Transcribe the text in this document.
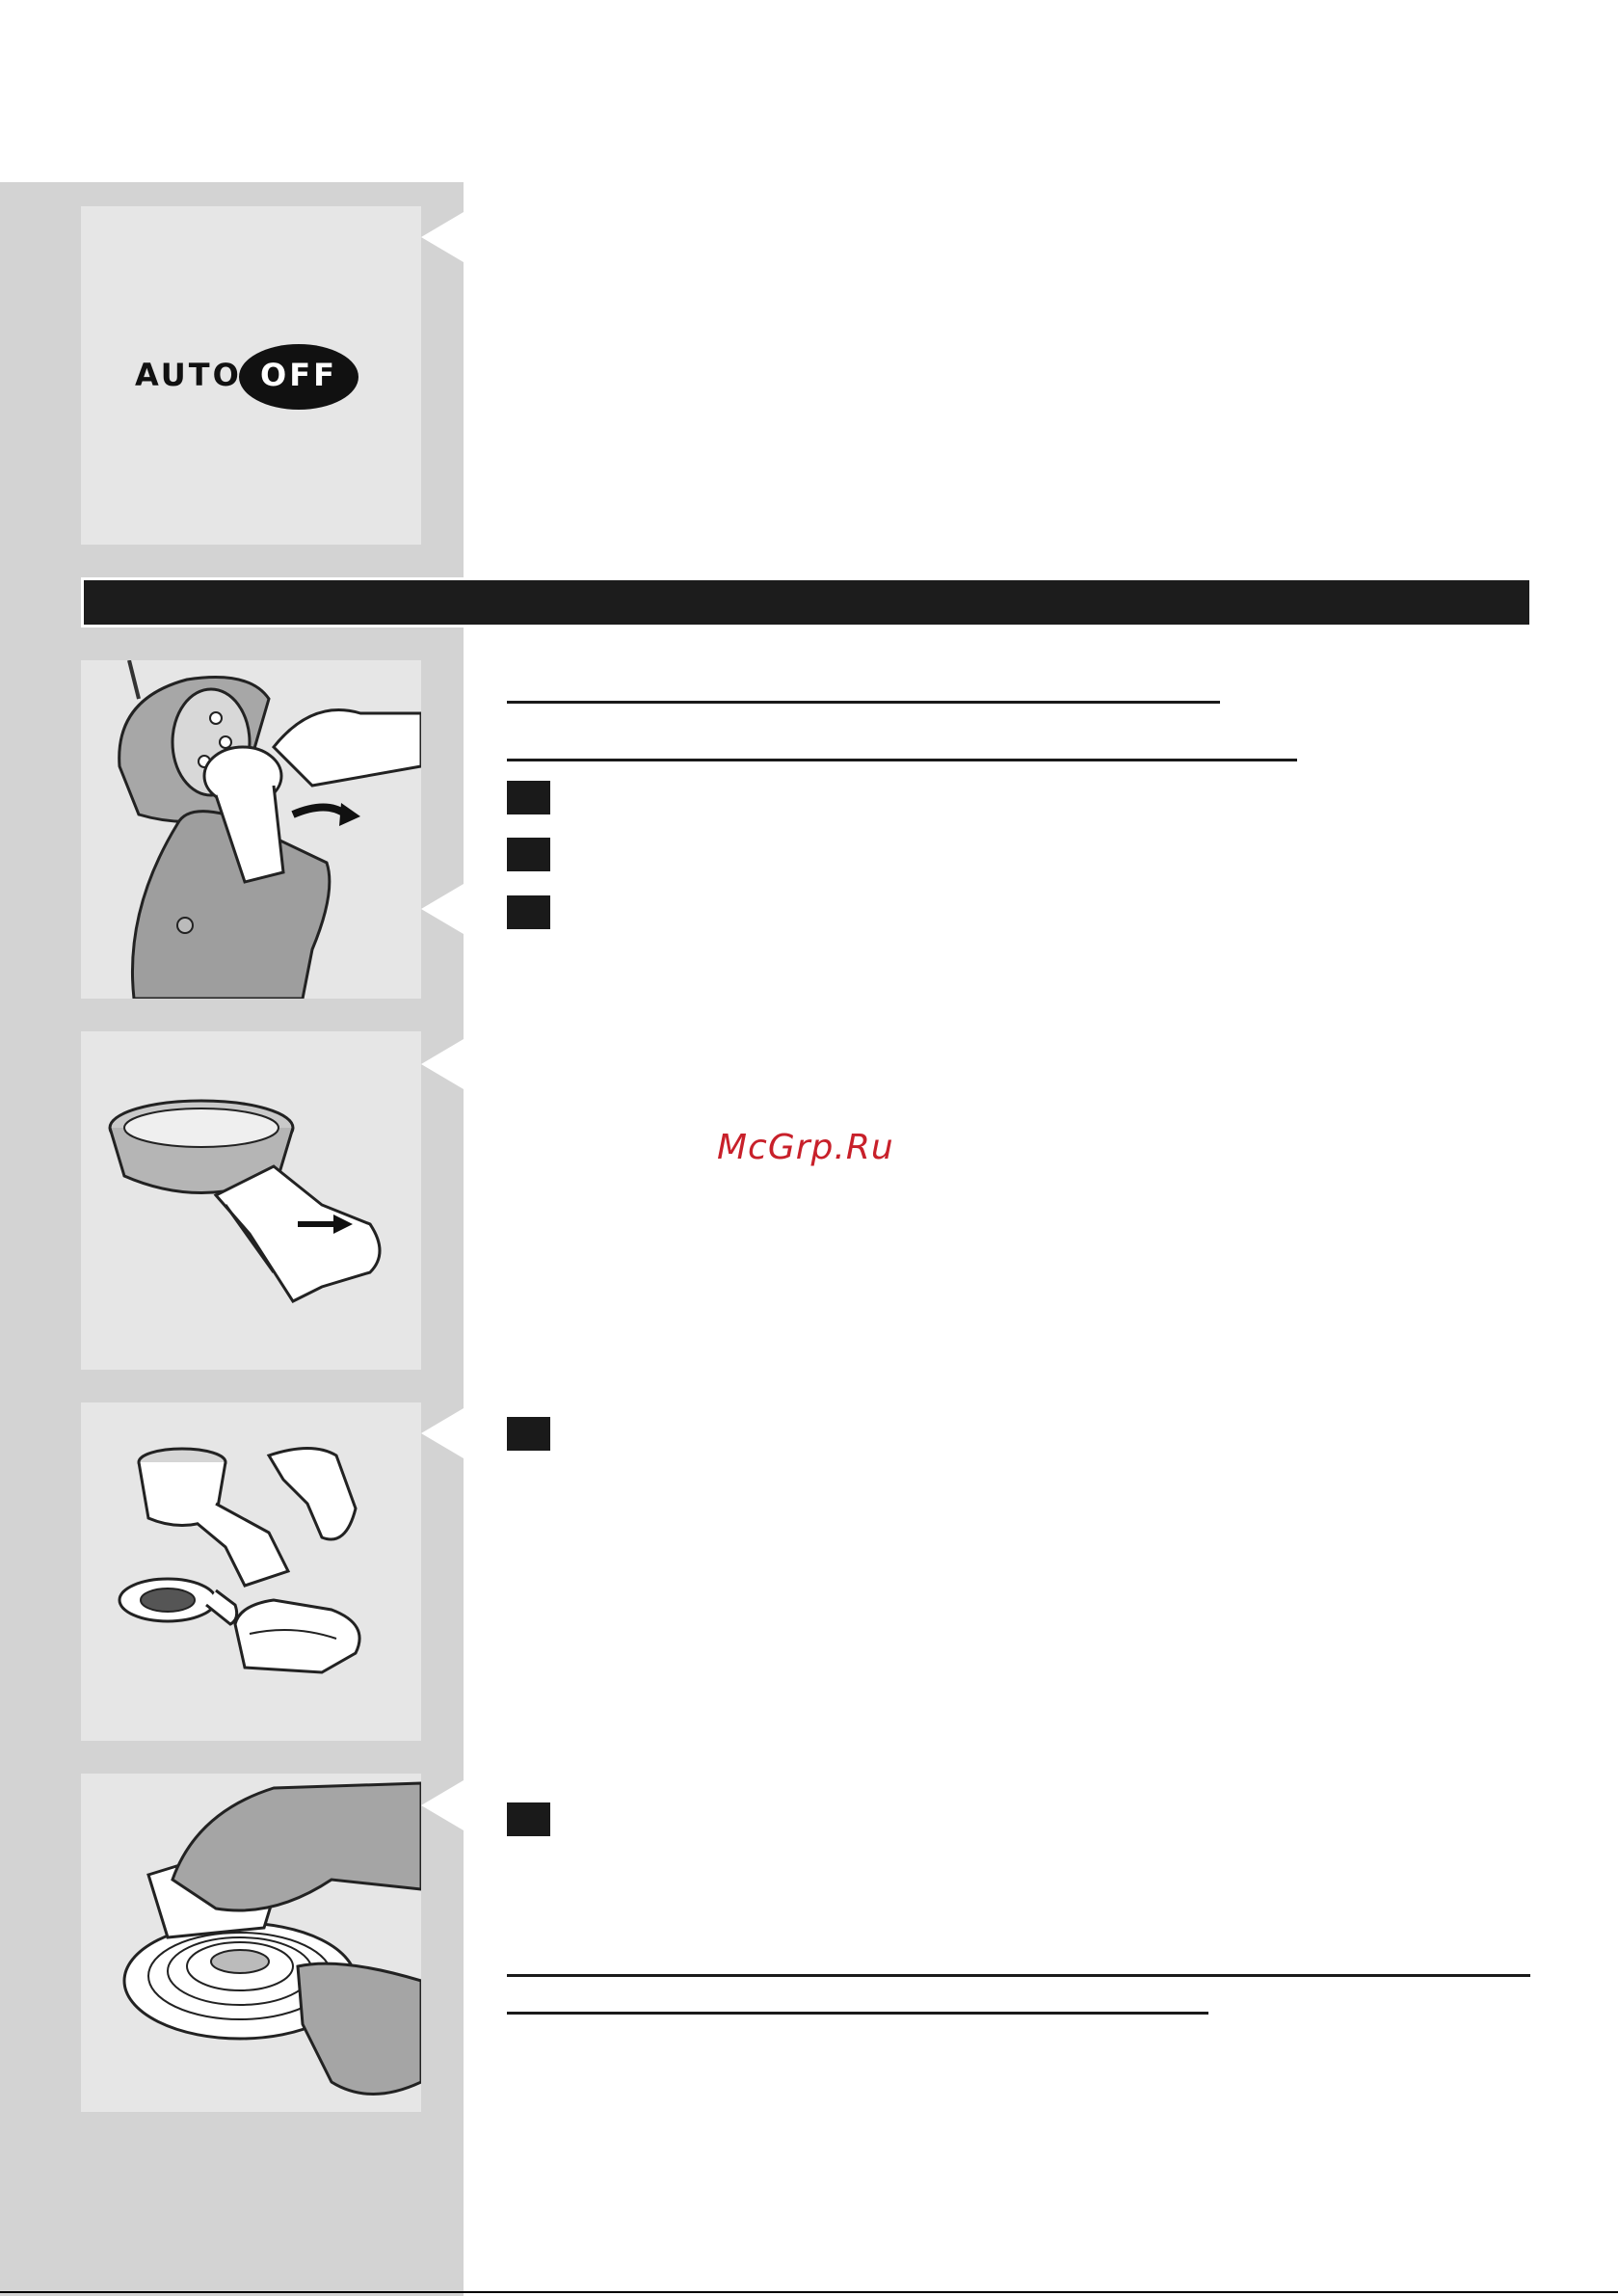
AUTO OFF
McGrp.Ru
